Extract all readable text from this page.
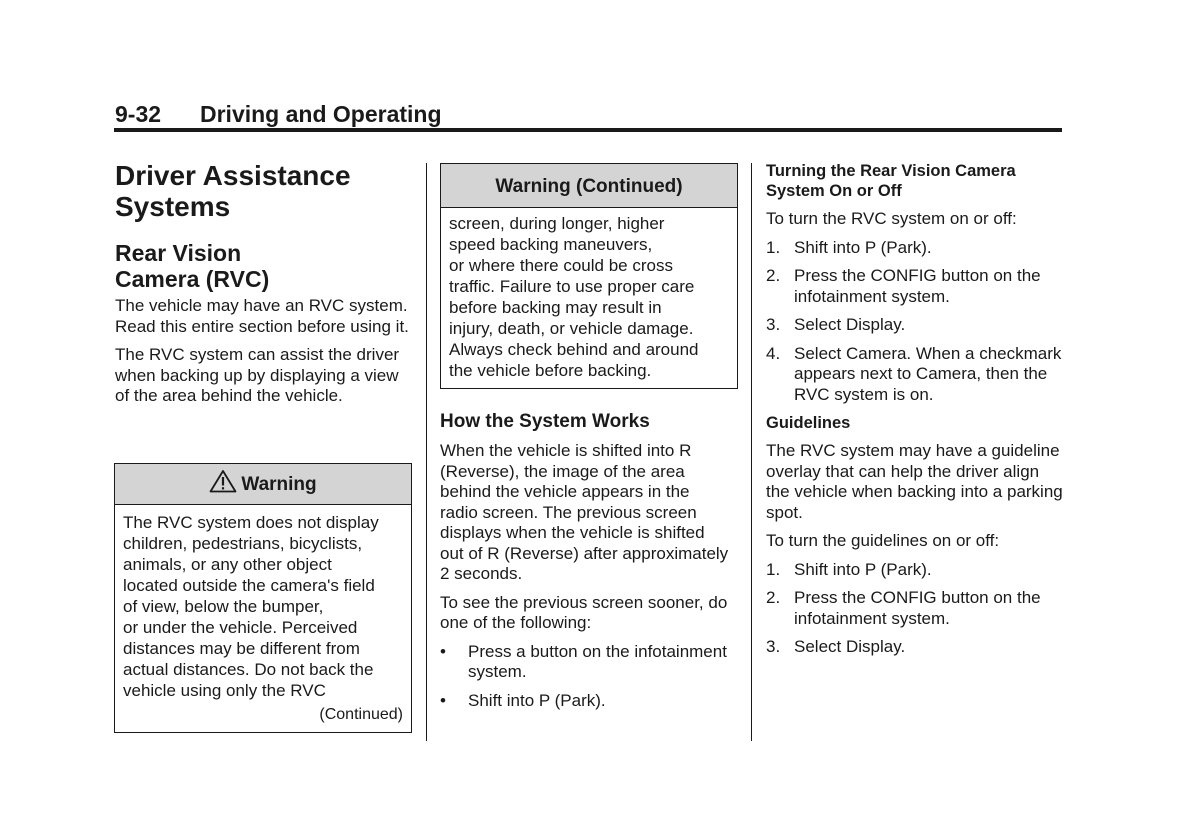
9-32 Driving and Operating
Driver Assistance
Systems
Rear Vision
Camera (RVC)

The vehicle may have an RVC system. Read this entire section before using it.

The RVC system can assist the driver when backing up by displaying a view of the area behind the vehicle.

Warning
The RVC system does not display
children, pedestrians, bicyclists,
animals, or any other object
located outside the camera's field
of view, below the bumper,
or under the vehicle. Perceived
distances may be different from
actual distances. Do not back the
vehicle using only the RVC
(Continued)
Warning (Continued)
screen, during longer, higher
speed backing maneuvers,
or where there could be cross
traffic. Failure to use proper care
before backing may result in
injury, death, or vehicle damage.
Always check behind and around
the vehicle before backing.
How the System Works

When the vehicle is shifted into R (Reverse), the image of the area behind the vehicle appears in the radio screen. The previous screen displays when the vehicle is shifted out of R (Reverse) after approximately 2 seconds.

To see the previous screen sooner, do one of the following:

• Press a button on the infotainment system.
• Shift into P (Park).
Turning the Rear Vision Camera System On or Off

To turn the RVC system on or off:

1. Shift into P (Park).
2. Press the CONFIG button on the infotainment system.
3. Select Display.
4. Select Camera. When a checkmark appears next to Camera, then the RVC system is on.
Guidelines

The RVC system may have a guideline overlay that can help the driver align the vehicle when backing into a parking spot.

To turn the guidelines on or off:

1. Shift into P (Park).
2. Press the CONFIG button on the infotainment system.
3. Select Display.
